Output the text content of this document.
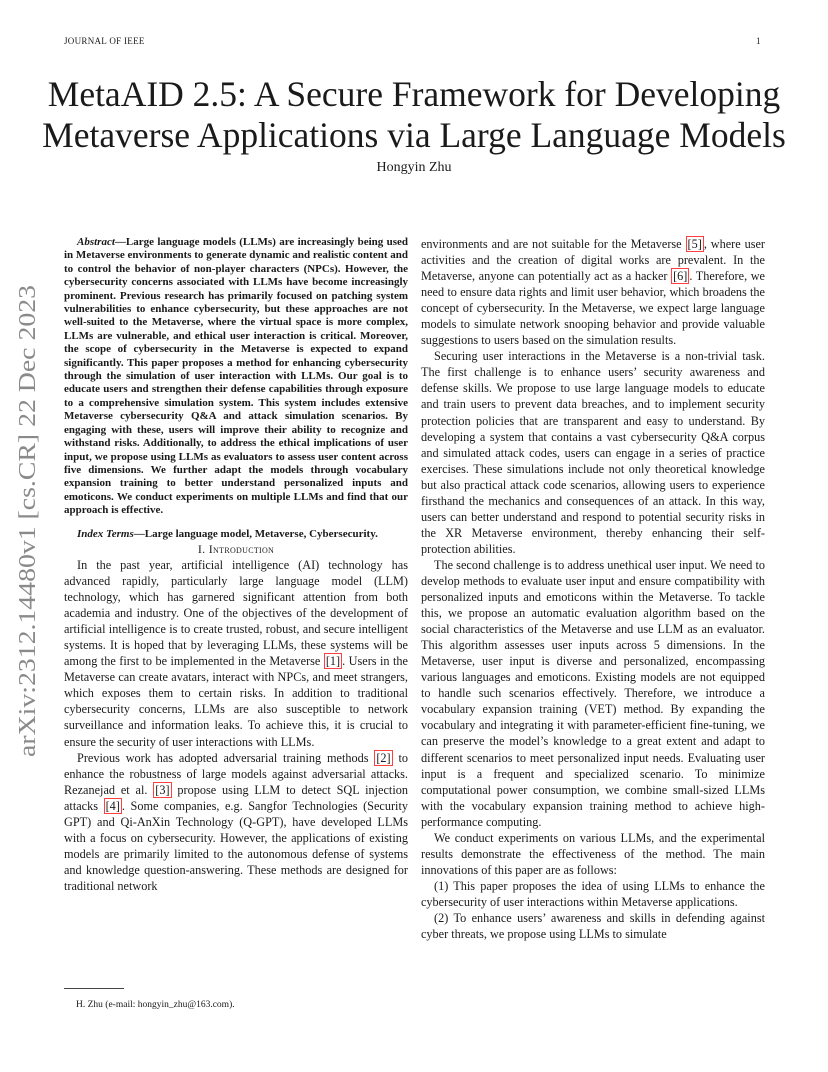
JOURNAL OF IEEE	1
MetaAID 2.5: A Secure Framework for Developing Metaverse Applications via Large Language Models
Hongyin Zhu
arXiv:2312.14480v1 [cs.CR] 22 Dec 2023

Abstract—Large language models (LLMs) are increasingly being used in Metaverse environments to generate dynamic and realistic content and to control the behavior of non-player characters (NPCs). However, the cybersecurity concerns associated with LLMs have become increasingly prominent. Previous research has primarily focused on patching system vulnerabilities to enhance cybersecurity, but these approaches are not well-suited to the Metaverse, where the virtual space is more complex, LLMs are vulnerable, and ethical user interaction is critical. Moreover, the scope of cybersecurity in the Metaverse is expected to expand significantly. This paper proposes a method for enhancing cybersecurity through the simulation of user interaction with LLMs. Our goal is to educate users and strengthen their defense capabilities through exposure to a comprehensive simulation system. This system includes extensive Metaverse cybersecurity Q&A and attack simulation scenarios. By engaging with these, users will improve their ability to recognize and withstand risks. Additionally, to address the ethical implications of user input, we propose using LLMs as evaluators to assess user content across five dimensions. We further adapt the models through vocabulary expansion training to better understand personalized inputs and emoticons. We conduct experiments on multiple LLMs and find that our approach is effective.

Index Terms—Large language model, Metaverse, Cybersecurity.

I. Introduction

In the past year, artificial intelligence (AI) technology has advanced rapidly, particularly large language model (LLM) technology, which has garnered significant attention from both academia and industry. One of the objectives of the development of artificial intelligence is to create trusted, robust, and secure intelligent systems. It is hoped that by leveraging LLMs, these systems will be among the first to be implemented in the Metaverse [1] . Users in the Metaverse can create avatars, interact with NPCs, and meet strangers, which exposes them to certain risks. In addition to traditional cybersecurity concerns, LLMs are also susceptible to network surveillance and information leaks. To achieve this, it is crucial to ensure the security of user interactions with LLMs.

Previous work has adopted adversarial training methods [2] to enhance the robustness of large models against adversarial attacks. Rezanejad et al. [3] propose using LLM to detect SQL injection attacks [4] . Some companies, e.g. Sangfor Technologies (Security GPT) and Qi-AnXin Technology (Q-GPT), have developed LLMs with a focus on cybersecurity. However, the applications of existing models are primarily limited to the autonomous defense of systems and knowledge question-answering. These methods are designed for traditional network

environments and are not suitable for the Metaverse [5] , where user activities and the creation of digital works are prevalent. In the Metaverse, anyone can potentially act as a hacker [6] . Therefore, we need to ensure data rights and limit user behavior, which broadens the concept of cybersecurity. In the Metaverse, we expect large language models to simulate network snooping behavior and provide valuable suggestions to users based on the simulation results.

Securing user interactions in the Metaverse is a non-trivial task. The first challenge is to enhance users’ security awareness and defense skills. We propose to use large language models to educate and train users to prevent data breaches, and to implement security protection policies that are transparent and easy to understand. By developing a system that contains a vast cybersecurity Q&A corpus and simulated attack codes, users can engage in a series of practice exercises. These simulations include not only theoretical knowledge but also practical attack code scenarios, allowing users to experience firsthand the mechanics and consequences of an attack. In this way, users can better understand and respond to potential security risks in the XR Metaverse environment, thereby enhancing their self-protection abilities.

The second challenge is to address unethical user input. We need to develop methods to evaluate user input and ensure compatibility with personalized inputs and emoticons within the Metaverse. To tackle this, we propose an automatic evaluation algorithm based on the social characteristics of the Metaverse and use LLM as an evaluator. This algorithm assesses user inputs across 5 dimensions. In the Metaverse, user input is diverse and personalized, encompassing various languages and emoticons. Existing models are not equipped to handle such scenarios effectively. Therefore, we introduce a vocabulary expansion training (VET) method. By expanding the vocabulary and integrating it with parameter-efficient fine-tuning, we can preserve the model’s knowledge to a great extent and adapt to different scenarios to meet personalized input needs. Evaluating user input is a frequent and specialized scenario. To minimize computational power consumption, we combine small-sized LLMs with the vocabulary expansion training method to achieve high-performance computing.

We conduct experiments on various LLMs, and the experimental results demonstrate the effectiveness of the method. The main innovations of this paper are as follows:

(1) This paper proposes the idea of using LLMs to enhance the cybersecurity of user interactions within Metaverse applications.

(2) To enhance users’ awareness and skills in defending against cyber threats, we propose using LLMs to simulate

H. Zhu (e-mail: hongyin_zhu@163.com).
